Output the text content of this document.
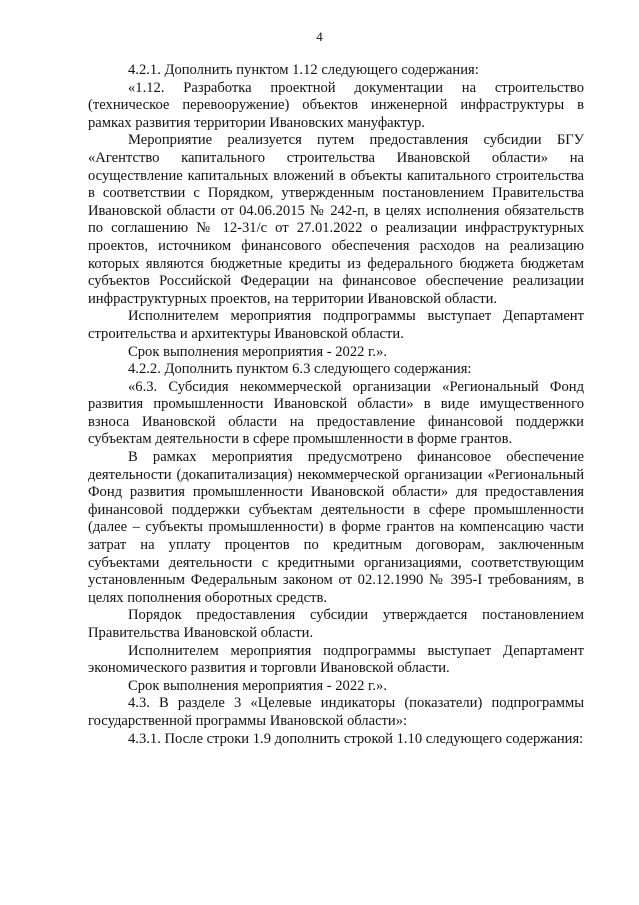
4

4.2.1. Дополнить пунктом 1.12 следующего содержания:

«1.12. Разработка проектной документации на строительство (техническое перевооружение) объектов инженерной инфраструктуры в рамках развития территории Ивановских мануфактур.

Мероприятие реализуется путем предоставления субсидии БГУ «Агентство капитального строительства Ивановской области» на осуществление капитальных вложений в объекты капитального строительства в соответствии с Порядком, утвержденным постановлением Правительства Ивановской области от 04.06.2015 № 242-п, в целях исполнения обязательств по соглашению № 12-31/с от 27.01.2022 о реализации инфраструктурных проектов, источником финансового обеспечения расходов на реализацию которых являются бюджетные кредиты из федерального бюджета бюджетам субъектов Российской Федерации на финансовое обеспечение реализации инфраструктурных проектов, на территории Ивановской области.

Исполнителем мероприятия подпрограммы выступает Департамент строительства и архитектуры Ивановской области.

Срок выполнения мероприятия - 2022 г.».

4.2.2. Дополнить пунктом 6.3 следующего содержания:

«6.3. Субсидия некоммерческой организации «Региональный Фонд развития промышленности Ивановской области» в виде имущественного взноса Ивановской области на предоставление финансовой поддержки субъектам деятельности в сфере промышленности в форме грантов.

В рамках мероприятия предусмотрено финансовое обеспечение деятельности (докапитализация) некоммерческой организации «Региональный Фонд развития промышленности Ивановской области» для предоставления финансовой поддержки субъектам деятельности в сфере промышленности (далее – субъекты промышленности) в форме грантов на компенсацию части затрат на уплату процентов по кредитным договорам, заключенным субъектами деятельности с кредитными организациями, соответствующим установленным Федеральным законом от 02.12.1990 № 395-I требованиям, в целях пополнения оборотных средств.

Порядок предоставления субсидии утверждается постановлением Правительства Ивановской области.

Исполнителем мероприятия подпрограммы выступает Департамент экономического развития и торговли Ивановской области.

Срок выполнения мероприятия - 2022 г.».

4.3. В разделе 3 «Целевые индикаторы (показатели) подпрограммы государственной программы Ивановской области»:

4.3.1. После строки 1.9 дополнить строкой 1.10 следующего содержания:
